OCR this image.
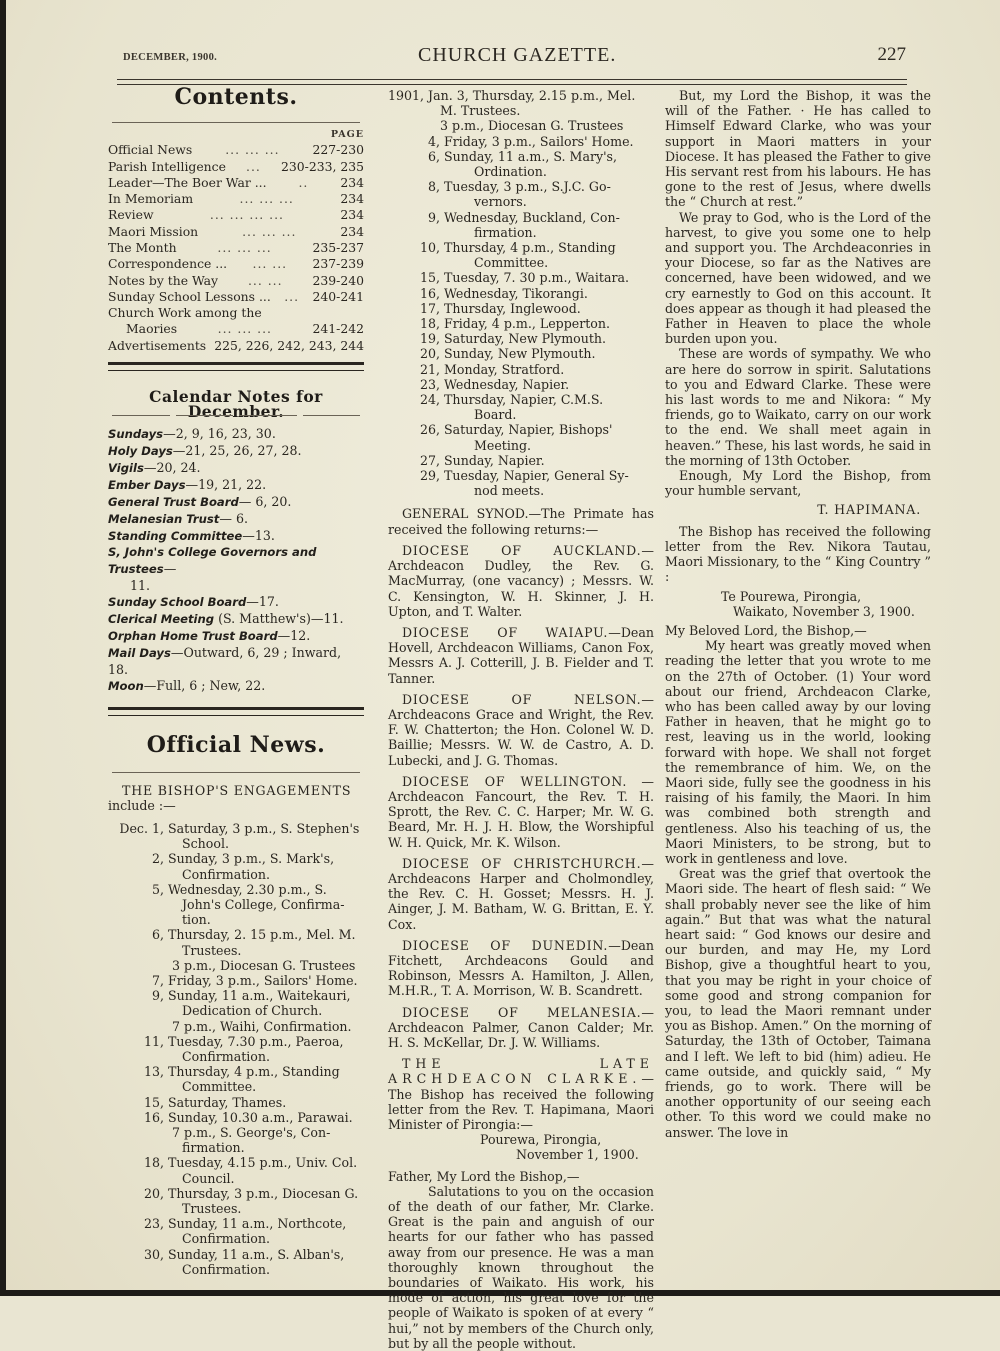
DECEMBER, 1900.	CHURCH GAZETTE.	227
Contents.
PAGE
Official News	... ... ...	227-230
Parish Intelligence	...	230-233, 235
Leader—The Boer War ...	..	234
In Memoriam	... ... ...	234
Review	... ... ... ...	234
Maori Mission	... ... ...	234
The Month	... ... ...	235-237
Correspondence ...	... ...	237-239
Notes by the Way	... ...	239-240
Sunday School Lessons ...	...	240-241
Church Work among the
Maories	... ... ...	241-242
Advertisements 225, 226, 242, 243, 244
Calendar Notes for December.
Sundays—2, 9, 16, 23, 30.
Holy Days—21, 25, 26, 27, 28.
Vigils—20, 24.
Ember Days—19, 21, 22.
General Trust Board— 6, 20.
Melanesian Trust— 6.
Standing Committee—13.
S, John's College Governors and Trustees—
11.
Sunday School Board—17.
Clerical Meeting (S. Matthew's)—11.
Orphan Home Trust Board—12.
Mail Days—Outward, 6, 29 ; Inward, 18.
Moon—Full, 6 ; New, 22.
Official News.
THE BISHOP'S ENGAGEMENTS
include :—
Dec. 1, Saturday, 3 p.m., S. Stephen's
School.
2, Sunday, 3 p.m., S. Mark's,
Confirmation.
5, Wednesday, 2.30 p.m., S.
John's College, Confirma-
tion.
6, Thursday, 2. 15 p.m., Mel. M.
Trustees.
3 p.m., Diocesan G. Trustees
7, Friday, 3 p.m., Sailors' Home.
9, Sunday, 11 a.m., Waitekauri,
Dedication of Church.
7 p.m., Waihi, Confirmation.
11, Tuesday, 7.30 p.m., Paeroa,
Confirmation.
13, Thursday, 4 p.m., Standing
Committee.
15, Saturday, Thames.
16, Sunday, 10.30 a.m., Parawai.
7 p.m., S. George's, Con-
firmation.
18, Tuesday, 4.15 p.m., Univ. Col.
Council.
20, Thursday, 3 p.m., Diocesan G.
Trustees.
23, Sunday, 11 a.m., Northcote,
Confirmation.
30, Sunday, 11 a.m., S. Alban's,
Confirmation.
1901, Jan. 3, Thursday, 2.15 p.m., Mel.
M. Trustees.
3 p.m., Diocesan G. Trustees
4, Friday, 3 p.m., Sailors' Home.
6, Sunday, 11 a.m., S. Mary's,
Ordination.
8, Tuesday, 3 p.m., S.J.C. Go-
vernors.
9, Wednesday, Buckland, Con-
firmation.
10, Thursday, 4 p.m., Standing
Committee.
15, Tuesday, 7. 30 p.m., Waitara.
16, Wednesday, Tikorangi.
17, Thursday, Inglewood.
18, Friday, 4 p.m., Lepperton.
19, Saturday, New Plymouth.
20, Sunday, New Plymouth.
21, Monday, Stratford.
23, Wednesday, Napier.
24, Thursday, Napier, C.M.S.
Board.
26, Saturday, Napier, Bishops'
Meeting.
27, Sunday, Napier.
29, Tuesday, Napier, General Sy-
nod meets.

GENERAL SYNOD.—The Primate has received the following returns:—

DIOCESE OF AUCKLAND.—Archdeacon Dudley, the Rev. G. MacMurray, (one vacancy) ; Messrs. W. C. Kensington, W. H. Skinner, J. H. Upton, and T. Walter.

DIOCESE OF WAIAPU.—Dean Hovell, Archdeacon Williams, Canon Fox, Messrs A. J. Cotterill, J. B. Fielder and T. Tanner.

DIOCESE OF NELSON.—Archdeacons Grace and Wright, the Rev. F. W. Chatterton; the Hon. Colonel W. D. Baillie; Messrs. W. W. de Castro, A. D. Lubecki, and J. G. Thomas.

DIOCESE OF WELLINGTON. — Archdeacon Fancourt, the Rev. T. H. Sprott, the Rev. C. C. Harper; Mr. W. G. Beard, Mr. H. J. H. Blow, the Worshipful W. H. Quick, Mr. K. Wilson.

DIOCESE OF CHRISTCHURCH.—Archdeacons Harper and Cholmondley, the Rev. C. H. Gosset; Messrs. H. J. Ainger, J. M. Batham, W. G. Brittan, E. Y. Cox.

DIOCESE OF DUNEDIN.—Dean Fitchett, Archdeacons Gould and Robinson, Messrs A. Hamilton, J. Allen, M.H.R., T. A. Morrison, W. B. Scandrett.

DIOCESE OF MELANESIA.—Archdeacon Palmer, Canon Calder; Mr. H. S. McKellar, Dr. J. W. Williams.

THE LATE ARCHDEACON CLARKE.—The Bishop has received the following letter from the Rev. T. Hapimana, Maori Minister of Pirongia:—

Pourewa, Pirongia,
November 1, 1900.
Father, My Lord the Bishop,—

Salutations to you on the occasion of the death of our father, Mr. Clarke. Great is the pain and anguish of our hearts for our father who has passed away from our presence. He was a man thoroughly known throughout the boundaries of Waikato. His work, his mode of action, his great love for the people of Waikato is spoken of at every “ hui,” not by members of the Church only, but by all the people without.

But, my Lord the Bishop, it was the will of the Father. · He has called to Himself Edward Clarke, who was your support in Maori matters in your Diocese. It has pleased the Father to give His servant rest from his labours. He has gone to the rest of Jesus, where dwells the “ Church at rest.”

We pray to God, who is the Lord of the harvest, to give you some one to help and support you. The Archdeaconries in your Diocese, so far as the Natives are concerned, have been widowed, and we cry earnestly to God on this account. It does appear as though it had pleased the Father in Heaven to place the whole burden upon you.

These are words of sympathy. We who are here do sorrow in spirit. Salutations to you and Edward Clarke. These were his last words to me and Nikora: “ My friends, go to Waikato, carry on our work to the end. We shall meet again in heaven.” These, his last words, he said in the morning of 13th October.

Enough, My Lord the Bishop, from your humble servant,

T. HAPIMANA.

The Bishop has received the following letter from the Rev. Nikora Tautau, Maori Missionary, to the “ King Country ” :

Te Pourewa, Pirongia,
Waikato, November 3, 1900.
My Beloved Lord, the Bishop,—

My heart was greatly moved when reading the letter that you wrote to me on the 27th of October. (1) Your word about our friend, Archdeacon Clarke, who has been called away by our loving Father in heaven, that he might go to rest, leaving us in the world, looking forward with hope. We shall not forget the remembrance of him. We, on the Maori side, fully see the goodness in his raising of his family, the Maori. In him was combined both strength and gentleness. Also his teaching of us, the Maori Ministers, to be strong, but to work in gentleness and love.

Great was the grief that overtook the Maori side. The heart of flesh said: “ We shall probably never see the like of him again.” But that was what the natural heart said: “ God knows our desire and our burden, and may He, my Lord Bishop, give a thoughtful heart to you, that you may be right in your choice of some good and strong companion for you, to lead the Maori remnant under you as Bishop. Amen.” On the morning of Saturday, the 13th of October, Taimana and I left. We left to bid (him) adieu. He came outside, and quickly said, “ My friends, go to work. There will be another opportunity of our seeing each other. To this word we could make no answer. The love in
